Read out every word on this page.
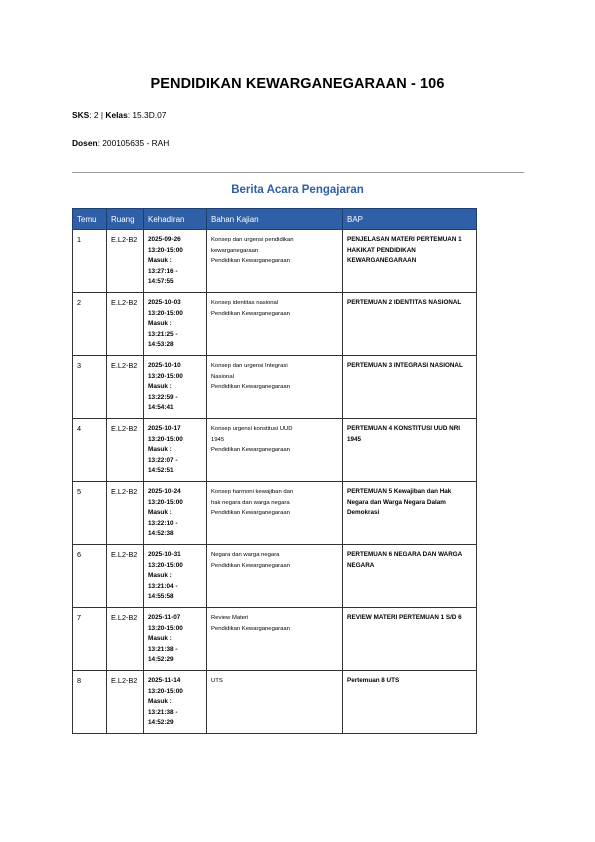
PENDIDIKAN KEWARGANEGARAAN - 106
SKS: 2 | Kelas: 15.3D.07
Dosen: 200105635 - RAH
Berita Acara Pengajaran
Temu	Ruang	Kehadiran	Bahan Kajian	BAP
1	E.L2-B2	2025-09-26
13:20-15:00
Masuk :
13:27:16 -
14:57:55	Konsep dan urgensi pendidikan
kewarganegaraan
Pendidikan Kewarganegaraan	PENJELASAN MATERI PERTEMUAN 1 HAKIKAT PENDIDIKAN KEWARGANEGARAAN
2	E.L2-B2	2025-10-03
13:20-15:00
Masuk :
13:21:25 -
14:53:28	Konsep identitas nasional
Pendidikan Kewarganegaraan	PERTEMUAN 2 IDENTITAS NASIONAL
3	E.L2-B2	2025-10-10
13:20-15:00
Masuk :
13:22:59 -
14:54:41	Konsep dan urgensi Integrasi
Nasional
Pendidikan Kewarganegaraan	PERTEMUAN 3 INTEGRASI NASIONAL
4	E.L2-B2	2025-10-17
13:20-15:00
Masuk :
13:22:07 -
14:52:51	Konsep urgensi konstitusi UUD
1945
Pendidikan Kewarganegaraan	PERTEMUAN 4 KONSTITUSI UUD NRI 1945
5	E.L2-B2	2025-10-24
13:20-15:00
Masuk :
13:22:10 -
14:52:38	Konsep harmoni kewajiban dan
hak negara dan warga negara
Pendidikan Kewarganegaraan	PERTEMUAN 5 Kewajiban dan Hak Negara dan Warga Negara Dalam Demokrasi
6	E.L2-B2	2025-10-31
13:20-15:00
Masuk :
13:21:04 -
14:55:58	Negara dan warga negara
Pendidikan Kewarganegaraan	PERTEMUAN 6 NEGARA DAN WARGA NEGARA
7	E.L2-B2	2025-11-07
13:20-15:00
Masuk :
13:21:38 -
14:52:29	Review Materi
Pendidikan Kewarganegaraan	REVIEW MATERI PERTEMUAN 1 S/D 6
8	E.L2-B2	2025-11-14
13:20-15:00
Masuk :
13:21:38 -
14:52:29	UTS	Pertemuan 8 UTS
